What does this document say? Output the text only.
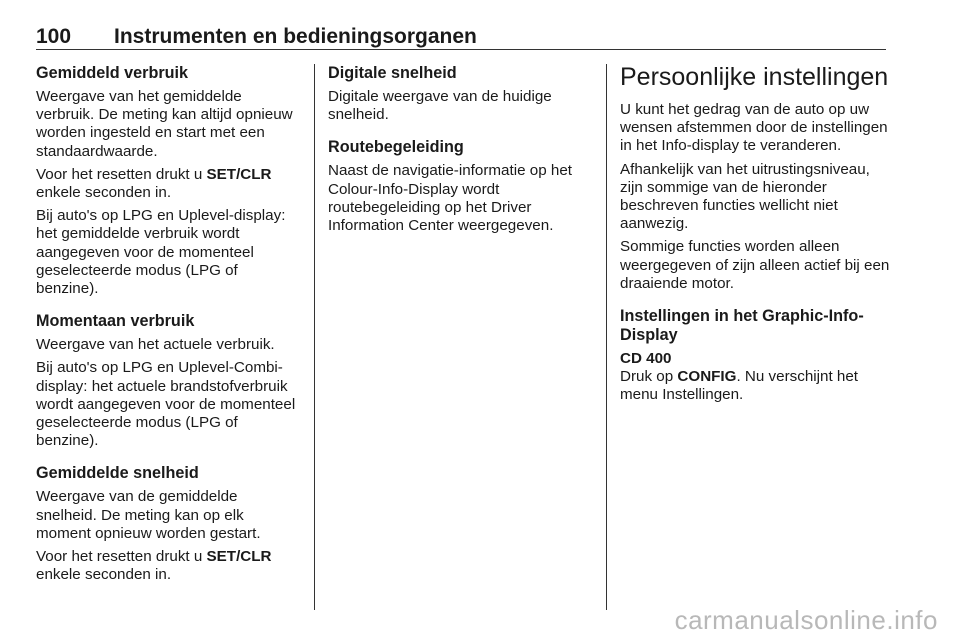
100 Instrumenten en bedieningsorganen
Gemiddeld verbruik

Weergave van het gemiddelde verbruik. De meting kan altijd opnieuw worden ingesteld en start met een standaardwaarde.

Voor het resetten drukt u SET/CLR enkele seconden in.

Bij auto's op LPG en Uplevel-display: het gemiddelde verbruik wordt aangegeven voor de momenteel geselecteerde modus (LPG of benzine).

Momentaan verbruik

Weergave van het actuele verbruik.

Bij auto's op LPG en Uplevel-Combi-display: het actuele brandstofverbruik wordt aangegeven voor de momenteel geselecteerde modus (LPG of benzine).

Gemiddelde snelheid

Weergave van de gemiddelde snelheid. De meting kan op elk moment opnieuw worden gestart.

Voor het resetten drukt u SET/CLR enkele seconden in.

Digitale snelheid

Digitale weergave van de huidige snelheid.

Routebegeleiding

Naast de navigatie-informatie op het Colour-Info-Display wordt routebegeleiding op het Driver Information Center weergegeven.

Persoonlijke instellingen

U kunt het gedrag van de auto op uw wensen afstemmen door de instellingen in het Info-display te veranderen.

Afhankelijk van het uitrustingsniveau, zijn sommige van de hieronder beschreven functies wellicht niet aanwezig.

Sommige functies worden alleen weergegeven of zijn alleen actief bij een draaiende motor.

Instellingen in het Graphic-Info-Display

CD 400

Druk op CONFIG. Nu verschijnt het menu Instellingen.

carmanualsonline.info
